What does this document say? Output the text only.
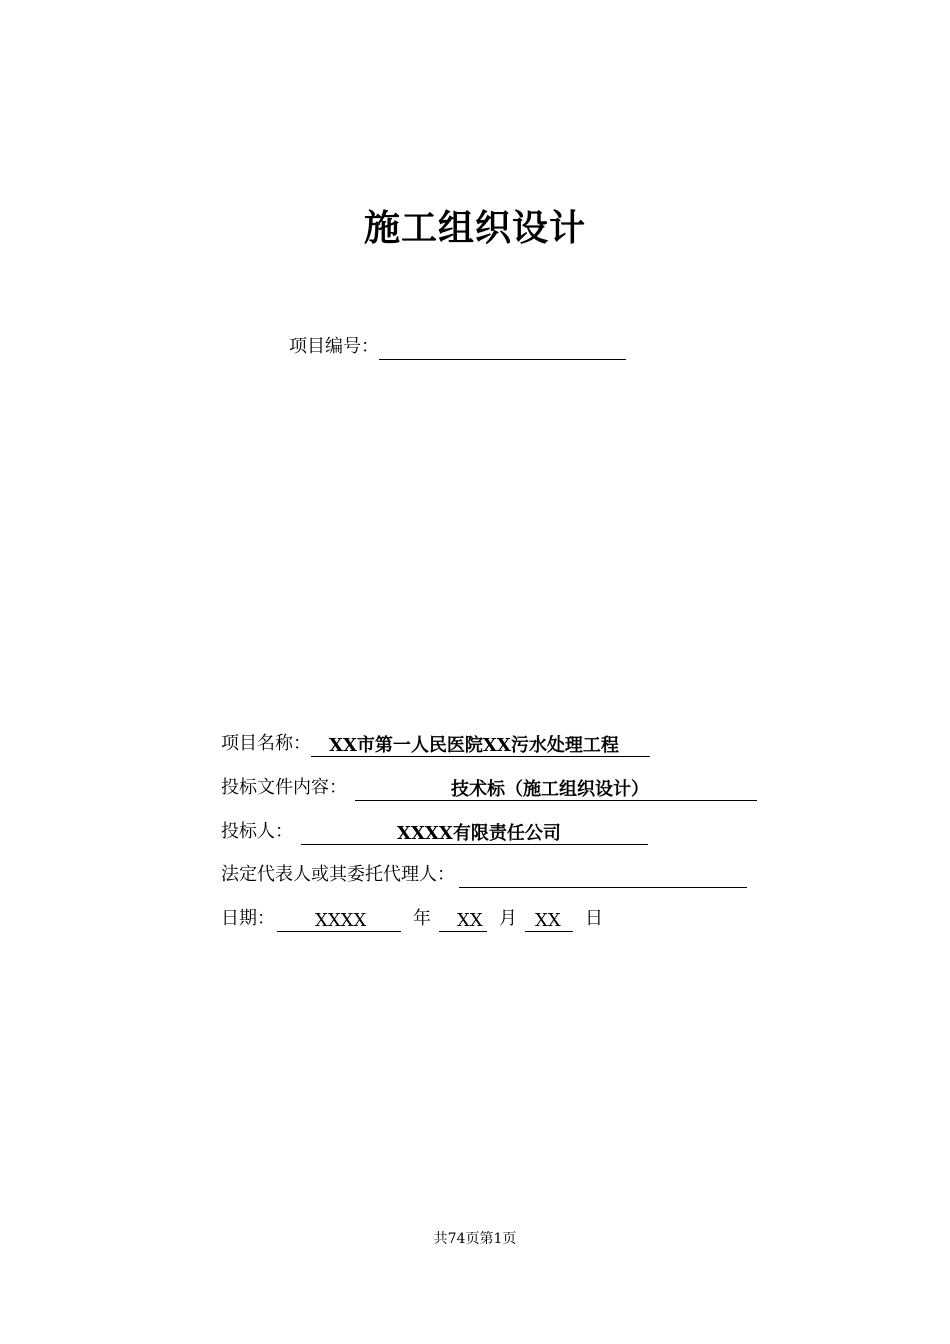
施工组织设计
项目编号：
项目名称： XX市第一人民医院XX污水处理工程
投标文件内容：	技术标（施工组织设计）
投标人：	XXXX有限责任公司
法定代表人或其委托代理人：
日期： XXXX	年 XX 月 XX 日
共74页第1页
